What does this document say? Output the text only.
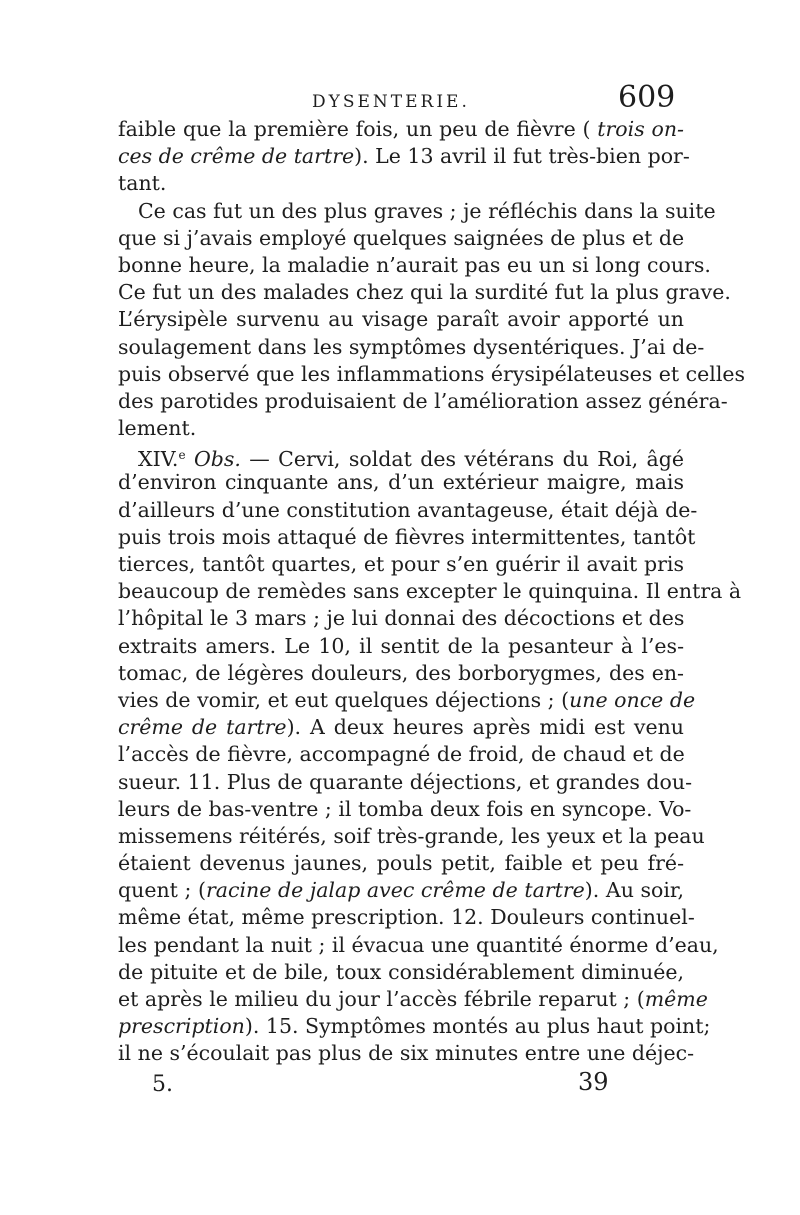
DYSENTERIE.	609
faible que la première fois, un peu de fièvre ( trois on-
ces de crême de tartre). Le 13 avril il fut très-bien por-
tant.
Ce cas fut un des plus graves ; je réfléchis dans la suite
que si j’avais employé quelques saignées de plus et de
bonne heure, la maladie n’aurait pas eu un si long cours.
Ce fut un des malades chez qui la surdité fut la plus grave.
L’érysipèle survenu au visage paraît avoir apporté un
soulagement dans les symptômes dysentériques. J’ai de-
puis observé que les inflammations érysipélateuses et celles
des parotides produisaient de l’amélioration assez généra-
lement.
XIV.$^e$ Obs. — Cervi, soldat des vétérans du Roi, âgé
d’environ cinquante ans, d’un extérieur maigre, mais
d’ailleurs d’une constitution avantageuse, était déjà de-
puis trois mois attaqué de fièvres intermittentes, tantôt
tierces, tantôt quartes, et pour s’en guérir il avait pris
beaucoup de remèdes sans excepter le quinquina. Il entra à
l’hôpital le 3 mars ; je lui donnai des décoctions et des
extraits amers. Le 10, il sentit de la pesanteur à l’es-
tomac, de légères douleurs, des borborygmes, des en-
vies de vomir, et eut quelques déjections ; (une once de
crême de tartre). A deux heures après midi est venu
l’accès de fièvre, accompagné de froid, de chaud et de
sueur. 11. Plus de quarante déjections, et grandes dou-
leurs de bas-ventre ; il tomba deux fois en syncope. Vo-
missemens réitérés, soif très-grande, les yeux et la peau
étaient devenus jaunes, pouls petit, faible et peu fré-
quent ; (racine de jalap avec crême de tartre). Au soir,
même état, même prescription. 12. Douleurs continuel-
les pendant la nuit ; il évacua une quantité énorme d’eau,
de pituite et de bile, toux considérablement diminuée,
et après le milieu du jour l’accès fébrile reparut ; (même
prescription). 15. Symptômes montés au plus haut point;
il ne s’écoulait pas plus de six minutes entre une déjec-
5.	39
